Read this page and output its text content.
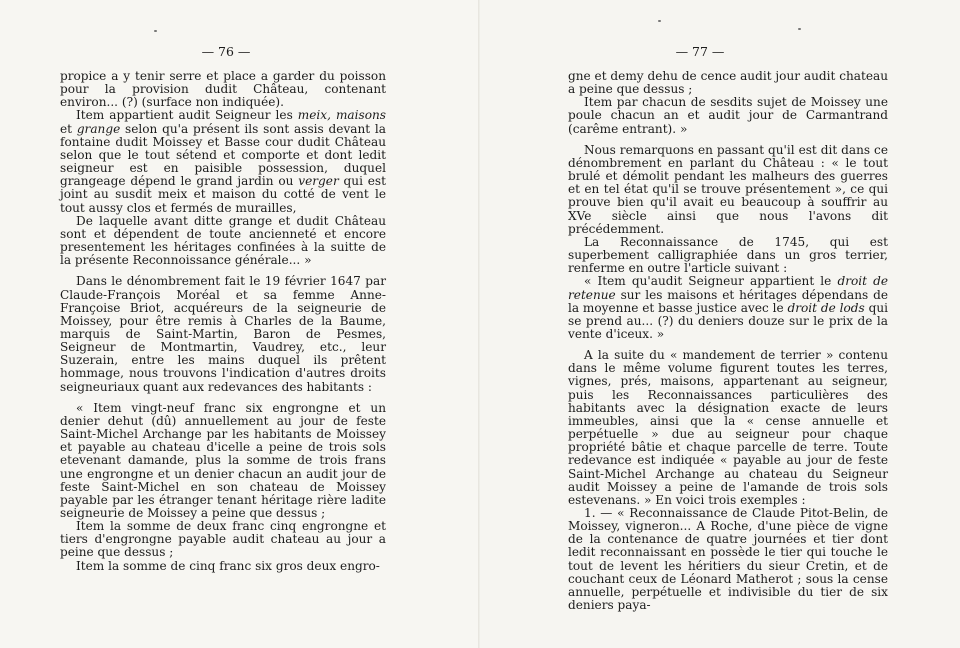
— 76 —

propice a y tenir serre et place a garder du poisson pour la provision dudit Château, contenant environ... (?) (surface non indiquée).

Item appartient audit Seigneur les meix, maisons et grange selon qu'a présent ils sont assis devant la fontaine dudit Moissey et Basse cour dudit Château selon que le tout sétend et comporte et dont ledit seigneur est en paisible possession, duquel grangeage dépend le grand jardin ou verger qui est joint au susdit meix et maison du cotté de vent le tout aussy clos et fermés de murailles,

De laquelle avant ditte grange et dudit Château sont et dépendent de toute ancienneté et encore presentement les héritages confinées à la suitte de la présente Reconnoissance générale... »

Dans le dénombrement fait le 19 février 1647 par Claude-François Moréal et sa femme Anne-Françoise Briot, acquéreurs de la seigneurie de Moissey, pour être remis à Charles de la Baume, marquis de Saint-Martin, Baron de Pesmes, Seigneur de Montmartin, Vaudrey, etc., leur Suzerain, entre les mains duquel ils prêtent hommage, nous trouvons l'indication d'autres droits seigneuriaux quant aux redevances des habitants :

« Item vingt-neuf franc six engrongne et un denier dehut (dû) annuellement au jour de feste Saint-Michel Archange par les habitants de Moissey et payable au chateau d'icelle a peine de trois sols etevenant damande, plus la somme de trois frans une engrongne et un denier chacun an audit jour de feste Saint-Michel en son chateau de Moissey payable par les étranger tenant héritage rière ladite seigneurie de Moissey a peine que dessus ;

Item la somme de deux franc cinq engrongne et tiers d'engrongne payable audit chateau au jour a peine que dessus ;

Item la somme de cinq franc six gros deux engro-

— 77 —

gne et demy dehu de cence audit jour audit chateau a peine que dessus ;

Item par chacun de sesdits sujet de Moissey une poule chacun an et audit jour de Carmantrand (carême entrant). »

Nous remarquons en passant qu'il est dit dans ce dénombrement en parlant du Château : « le tout brulé et démolit pendant les malheurs des guerres et en tel état qu'il se trouve présentement », ce qui prouve bien qu'il avait eu beaucoup à souffrir au XVe siècle ainsi que nous l'avons dit précédemment.

La Reconnaissance de 1745, qui est superbement calligraphiée dans un gros terrier, renferme en outre l'article suivant :

« Item qu'audit Seigneur appartient le droit de retenue sur les maisons et héritages dépendans de la moyenne et basse justice avec le droit de lods qui se prend au... (?) du deniers douze sur le prix de la vente d'iceux. »

A la suite du « mandement de terrier » contenu dans le même volume figurent toutes les terres, vignes, prés, maisons, appartenant au seigneur, puis les Reconnaissances particulières des habitants avec la désignation exacte de leurs immeubles, ainsi que la « cense annuelle et perpétuelle » due au seigneur pour chaque propriété bâtie et chaque parcelle de terre. Toute redevance est indiquée « payable au jour de feste Saint-Michel Archange au chateau du Seigneur audit Moissey a peine de l'amande de trois sols estevenans. » En voici trois exemples :

1. — « Reconnaissance de Claude Pitot-Belin, de Moissey, vigneron... A Roche, d'une pièce de vigne de la contenance de quatre journées et tier dont ledit reconnaissant en possède le tier qui touche le tout de levent les héritiers du sieur Cretin, et de couchant ceux de Léonard Matherot ; sous la cense annuelle, perpétuelle et indivisible du tier de six deniers paya-
